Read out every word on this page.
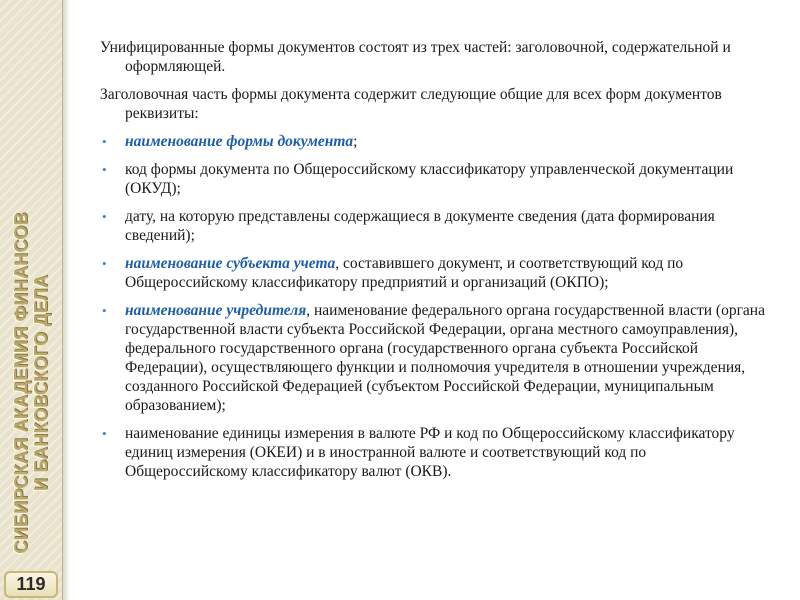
СИБИРСКАЯ АКАДЕМИЯ ФИНАНСОВ И БАНКОВСКОГО ДЕЛА
119

Унифицированные формы документов состоят из трех частей: заголовочной, содержательной и оформляющей.

Заголовочная часть формы документа содержит следующие общие для всех форм документов реквизиты:

• наименование формы документа;
• код формы документа по Общероссийскому классификатору управленческой документации (ОКУД);
• дату, на которую представлены содержащиеся в документе сведения (дата формирования сведений);
• наименование субъекта учета, составившего документ, и соответствующий код по Общероссийскому классификатору предприятий и организаций (ОКПО);
• наименование учредителя, наименование федерального органа государственной власти (органа государственной власти субъекта Российской Федерации, органа местного самоуправления), федерального государственного органа (государственного органа субъекта Российской Федерации), осуществляющего функции и полномочия учредителя в отношении учреждения, созданного Российской Федерацией (субъектом Российской Федерации, муниципальным образованием);
• наименование единицы измерения в валюте РФ и код по Общероссийскому классификатору единиц измерения (ОКЕИ) и в иностранной валюте и соответствующий код по Общероссийскому классификатору валют (ОКВ).
